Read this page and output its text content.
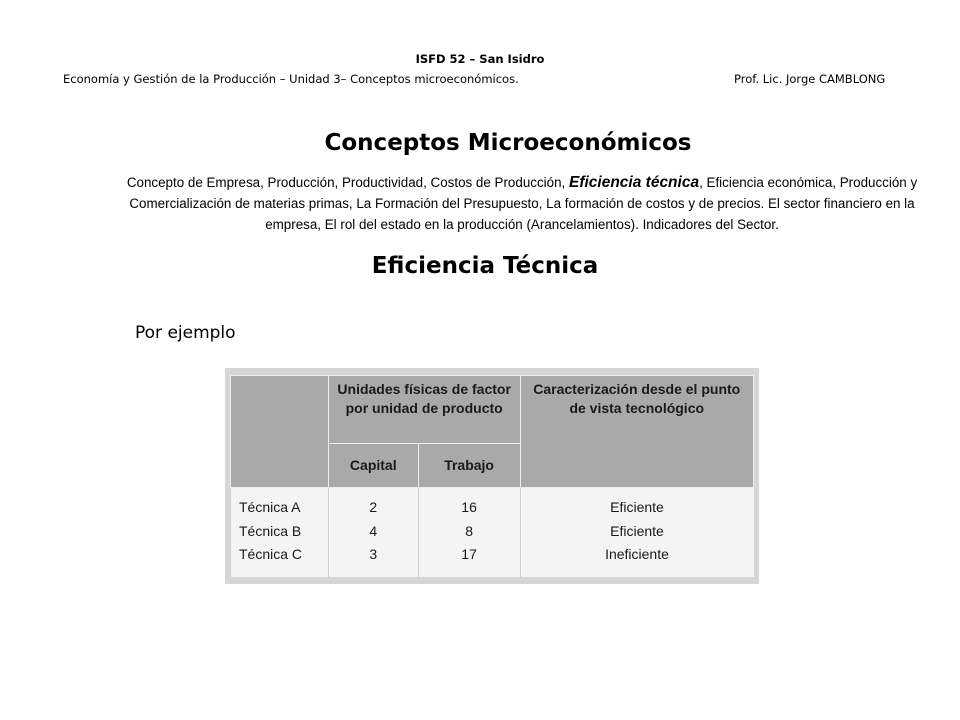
ISFD 52 – San Isidro
Economía y Gestión de la Producción – Unidad 3– Conceptos microeconómicos.	Prof. Lic. Jorge CAMBLONG
Conceptos Microeconómicos
Concepto de Empresa, Producción, Productividad, Costos de Producción, Eficiencia técnica, Eficiencia económica, Producción y Comercialización de materias primas, La Formación del Presupuesto, La formación de costos y de precios. El sector financiero en la empresa, El rol del estado en la producción (Arancelamientos). Indicadores del Sector.
Eficiencia Técnica
Por ejemplo
	Unidades físicas de factor por unidad de producto		Caracterización desde el punto de vista tecnológico
	Capital	Trabajo	
Técnica A	2	16	Eficiente
Técnica B	4	8	Eficiente
Técnica C	3	17	Ineficiente
